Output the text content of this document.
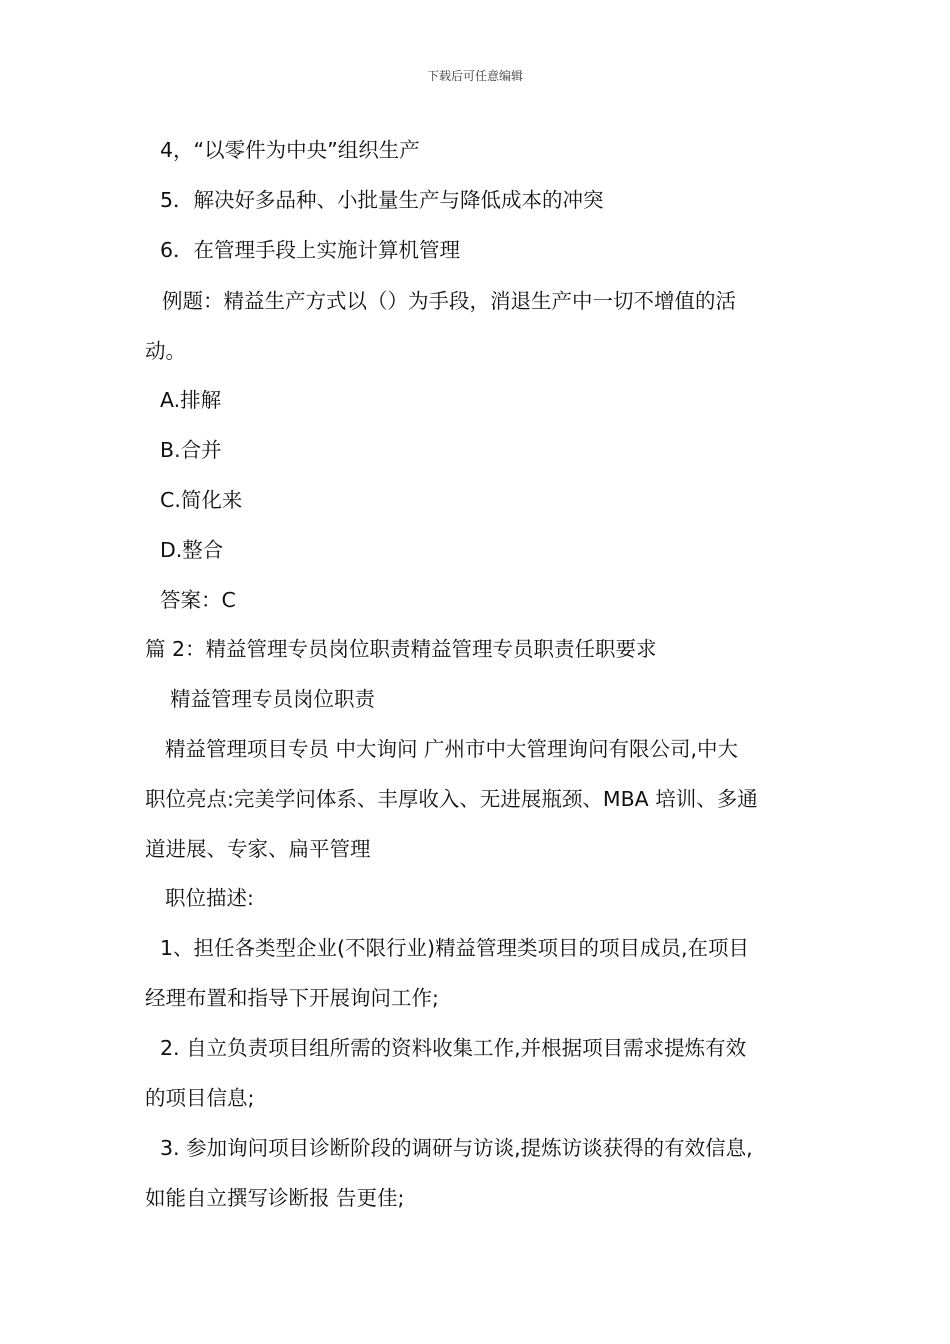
下载后可任意编辑
4，“以零件为中央”组织生产
5．解决好多品种、小批量生产与降低成本的冲突
6．在管理手段上实施计算机管理
例题：精益生产方式以（）为手段，消退生产中一切不增值的活
动。
A.排解
B.合并
C.简化来
D.整合
答案：C
篇 2：精益管理专员岗位职责精益管理专员职责任职要求
精益管理专员岗位职责
精益管理项目专员 中大询问 广州市中大管理询问有限公司,中大
职位亮点:完美学问体系、丰厚收入、无进展瓶颈、MBA 培训、多通
道进展、专家、扁平管理
职位描述:
1、担任各类型企业(不限行业)精益管理类项目的项目成员,在项目
经理布置和指导下开展询问工作;
2. 自立负责项目组所需的资料收集工作,并根据项目需求提炼有效
的项目信息;
3. 参加询问项目诊断阶段的调研与访谈,提炼访谈获得的有效信息,
如能自立撰写诊断报 告更佳;
